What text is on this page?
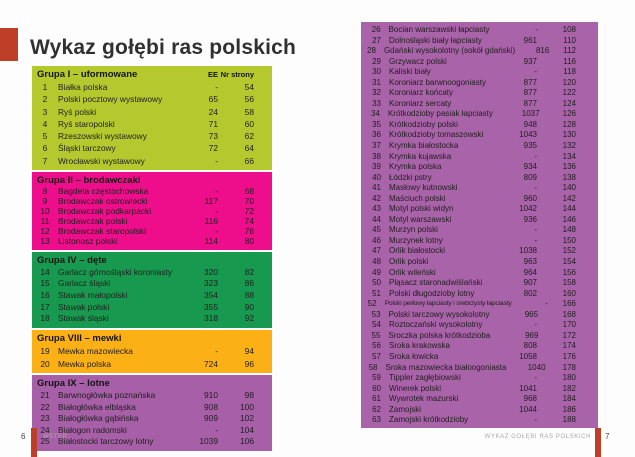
Wykaz gołębi ras polskich
Grupa I – uformowane	EE Nr strony
1	Białka polska	-	54
2	Polski pocztowy wystawowy	65	56
3	Ryś polski	24	58
4	Ryś staropolski	71	60
5	Rzeszowski wystawowy	73	62
6	Śląski tarczowy	72	64
7	Wrocławski wystawowy	-	66
Grupa II – brodawczaki
8	Bagdeta częstochowska	-	68
9	Brodawczak ostrowiecki	117	70
10 Brodawczak podkarpacki	-	72
11	Brodawczak polski	116	74
12 Brodawczak staropolski	-	76
13 Listonosz polski	114	80
Grupa IV – dęte
14 Garlacz górnośląski koroniasty	320	82
15 Garlacz śląski	323	86
16 Stawak małopolski	354	88
17 Stawak polski	355	90
18 Stawak śląski	318	92
Grupa VIII – mewki
19 Mewka mazowiecka	-	94
20 Mewka polska	724	96
Grupa IX – lotne
21 Barwnogłówka poznańska	910	98
22 Białogłówka elbląska	908	100
23 Białogłówka gąbińska	909	102
24 Białogon radomski	-	104
25 Białostocki tarczowy lotny	1039	106
26	Bocian warszawski łapciasty	-	108
27	Dolnośląski biały łapciasty	961	110
28	Gdański wysokolotny (sokół gdański)	816	112
29	Grzywacz polski	937	116
30	Kaliski biały	-	118
31	Koroniarz barwnoogoniasty	877	120
32	Koroniarz końcaty	877	122
33	Koroniarz sercaty	877	124
34	Krótkodzioby pasiak łapciasty	1037	126
35	Krótkodzioby polski	948	128
36	Krótkodzioby tomaszowski	1043	130
37	Krymka białostocka	935	132
38	Krymka kujawska	-	134
39	Krymka polska	934	136
40	Łódzki pstry	809	138
41	Masłowy kutnowski	-	140
42	Maściuch polski	960	142
43	Motyl polski widyn	1042	144
44	Motyl warszawski	936	146
45	Murzyn polski	-	148
46	Murzynek lotny	-	150
47	Orlik białostocki	1038	152
48	Orlik polski	963	154
49	Orlik wileński	964	156
50	Pląsacz staronadwiślański	907	158
51	Polski długodzioby lotny	802	160
52	Polski perłowy łapciasty i srebrzysty łapciasty	-	166
53	Polski tarczowy wysokolotny	965	168
54	Roztoczański wysokolotny	-	170
55	Sroczka polska krótkodzioba	969	172
56	Sroka krakowska	808	174
57	Sroka łowicka	1058	176
58	Sroka mazowiecka białoogoniasta	1040	178
59	Tippler zagłębiowski	-	180
60	Winerek polski	1041	182
61	Wywrotek mazurski	968	184
62	Zamojski	1044	186
63	Zamojski krótkodzioby	-	188
6	WSTĘP	WYKAZ GOŁĘBI RAS POLSKICH 7
